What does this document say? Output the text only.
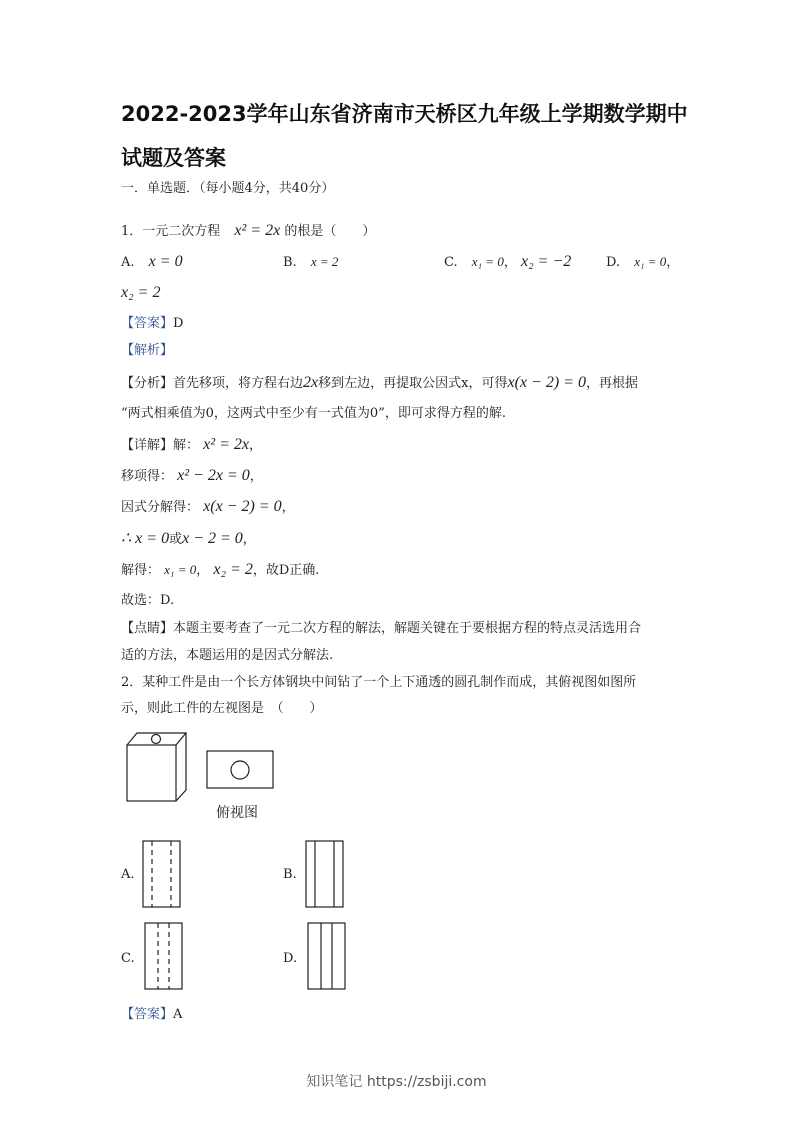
2022-2023学年山东省济南市天桥区九年级上学期数学期中
试题及答案
一．单选题．（每小题4分，共40分）
1．一元二次方程 x² = 2x 的根是（　　）
A. x = 0	B. x = 2	C. x₁ = 0， x₂ = −2	D. x₁ = 0，
x₂ = 2
【答案】D
【解析】
【分析】首先移项，将方程右边2x移到左边，再提取公因式x，可得x(x − 2) = 0，再根据
“两式相乘值为0，这两式中至少有一式值为0”，即可求得方程的解.
【详解】解： x² = 2x，
移项得： x² − 2x = 0，
因式分解得： x(x − 2) = 0，
∴ x = 0或x − 2 = 0，
解得： x₁ = 0， x₂ = 2，故D正确.
故选：D.
【点睛】本题主要考查了一元二次方程的解法，解题关键在于要根据方程的特点灵活选用合
适的方法，本题运用的是因式分解法.
2．某种工件是由一个长方体钢块中间钻了一个上下通透的圆孔制作而成，其俯视图如图所
示，则此工件的左视图是　（　　）
俯视图
A.	B.
C.	D.
【答案】A
知识笔记 https://zsbiji.com
